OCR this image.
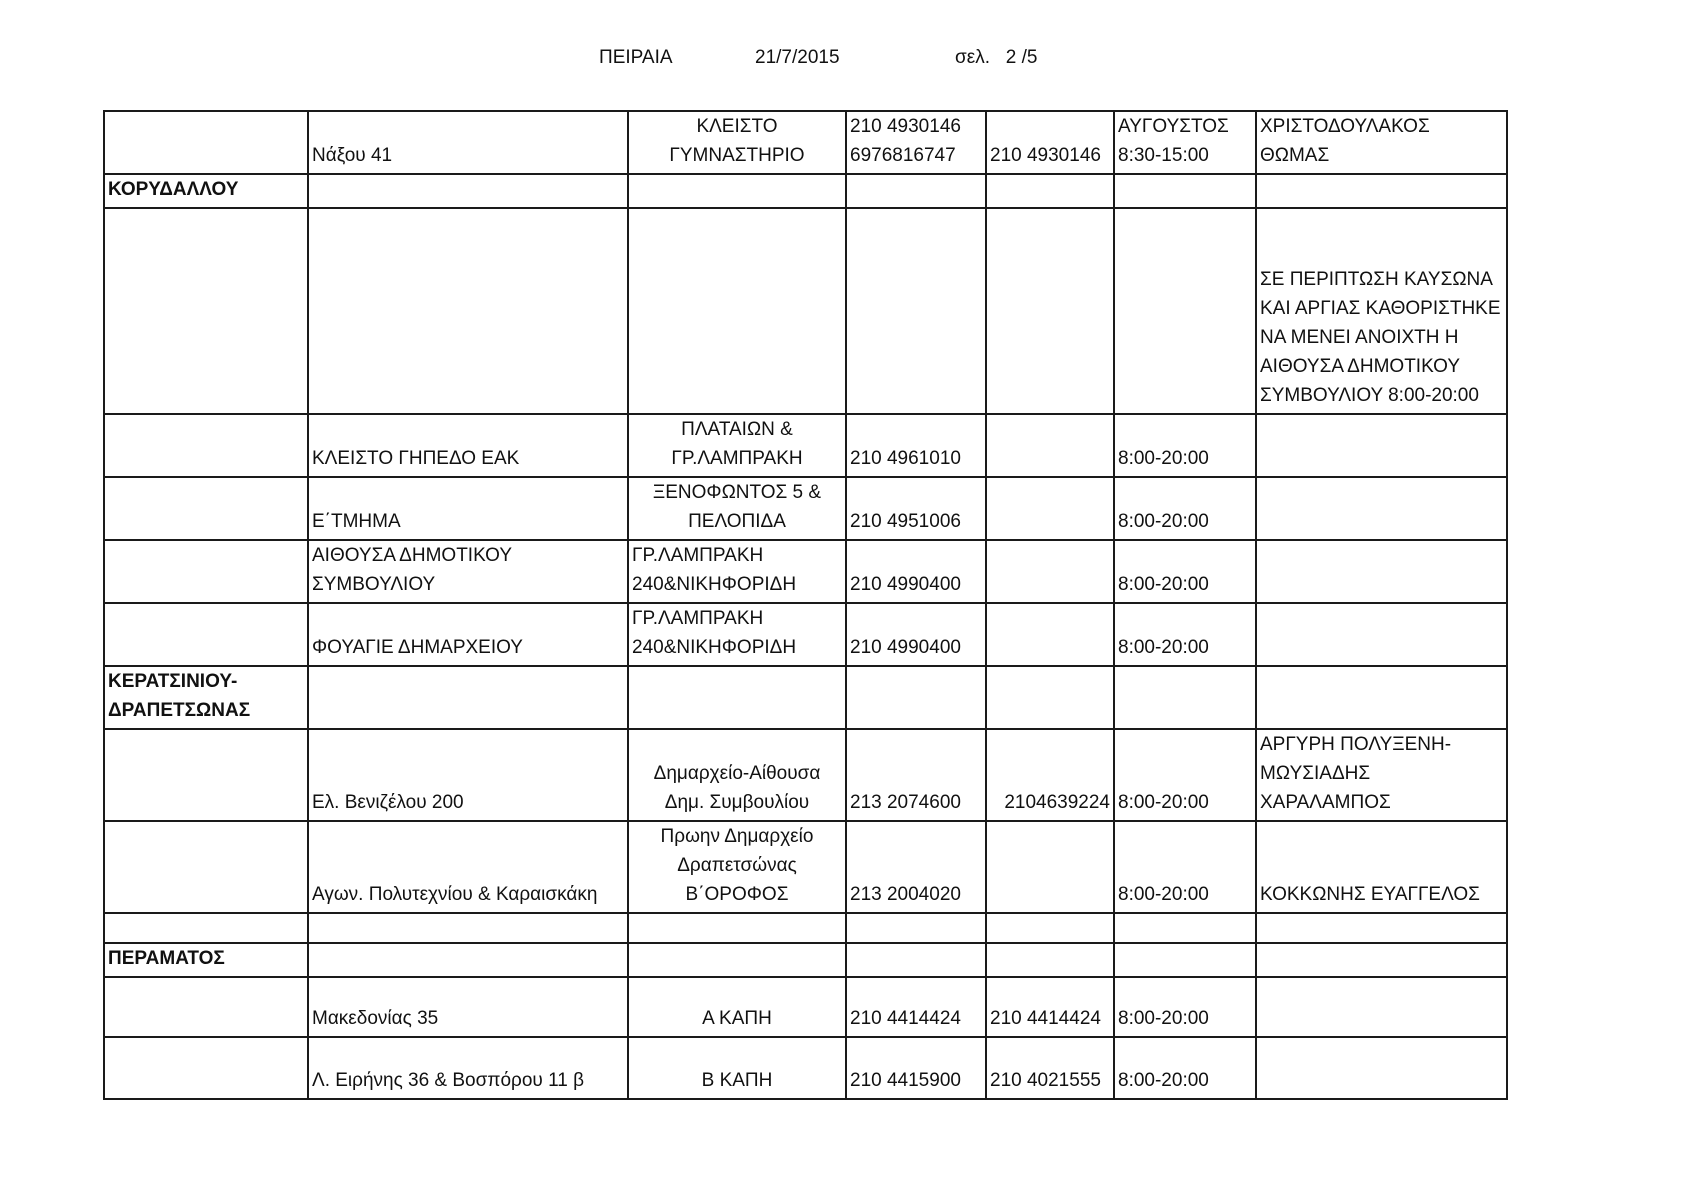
ΠΕΙΡΑΙΑ	21/7/2015	σελ.   2 /5
	Νάξου 41	ΚΛΕΙΣΤΟ ΓΥΜΝΑΣΤΗΡΙΟ	210 4930146 6976816747	210 4930146	ΑΥΓΟΥΣΤΟΣ 8:30-15:00	ΧΡΙΣΤΟΔΟΥΛΑΚΟΣ ΘΩΜΑΣ
ΚΟΡΥΔΑΛΛΟΥ						
						ΣΕ ΠΕΡΙΠΤΩΣΗ ΚΑΥΣΩΝΑ ΚΑΙ ΑΡΓΙΑΣ ΚΑΘΟΡΙΣΤΗΚΕ ΝΑ ΜΕΝΕΙ ΑΝΟΙΧΤΗ Η ΑΙΘΟΥΣΑ ΔΗΜΟΤΙΚΟΥ ΣΥΜΒΟΥΛΙΟΥ 8:00-20:00
	ΚΛΕΙΣΤΟ ΓΗΠΕΔΟ ΕΑΚ	ΠΛΑΤΑΙΩΝ & ΓΡ.ΛΑΜΠΡΑΚΗ	210 4961010		8:00-20:00	
	Ε΄ΤΜΗΜΑ	ΞΕΝΟΦΩΝΤΟΣ 5 & ΠΕΛΟΠΙΔΑ	210 4951006		8:00-20:00	
	ΑΙΘΟΥΣΑ ΔΗΜΟΤΙΚΟΥ ΣΥΜΒΟΥΛΙΟΥ	ΓΡ.ΛΑΜΠΡΑΚΗ 240&ΝΙΚΗΦΟΡΙΔΗ	210 4990400		8:00-20:00	
	ΦΟΥΑΓΙΕ ΔΗΜΑΡΧΕΙΟΥ	ΓΡ.ΛΑΜΠΡΑΚΗ 240&ΝΙΚΗΦΟΡΙΔΗ	210 4990400		8:00-20:00	
ΚΕΡΑΤΣΙΝΙΟΥ- ΔΡΑΠΕΤΣΩΝΑΣ						
	Ελ. Βενιζέλου 200	Δημαρχείο-Αίθουσα Δημ. Συμβουλίου	213 2074600	2104639224	8:00-20:00	ΑΡΓΥΡΗ ΠΟΛΥΞΕΝΗ- ΜΩΥΣΙΑΔΗΣ ΧΑΡΑΛΑΜΠΟΣ
	Αγων. Πολυτεχνίου & Καραισκάκη	Πρωην Δημαρχείο Δραπετσώνας Β΄ΟΡΟΦΟΣ	213 2004020		8:00-20:00	ΚΟΚΚΩΝΗΣ ΕΥΑΓΓΕΛΟΣ

ΠΕΡΑΜΑΤΟΣ						
	Μακεδονίας 35	Α ΚΑΠΗ	210 4414424	210 4414424	8:00-20:00	
	Λ. Ειρήνης 36 & Βοσπόρου 11 β	Β ΚΑΠΗ	210 4415900	210 4021555	8:00-20:00	
